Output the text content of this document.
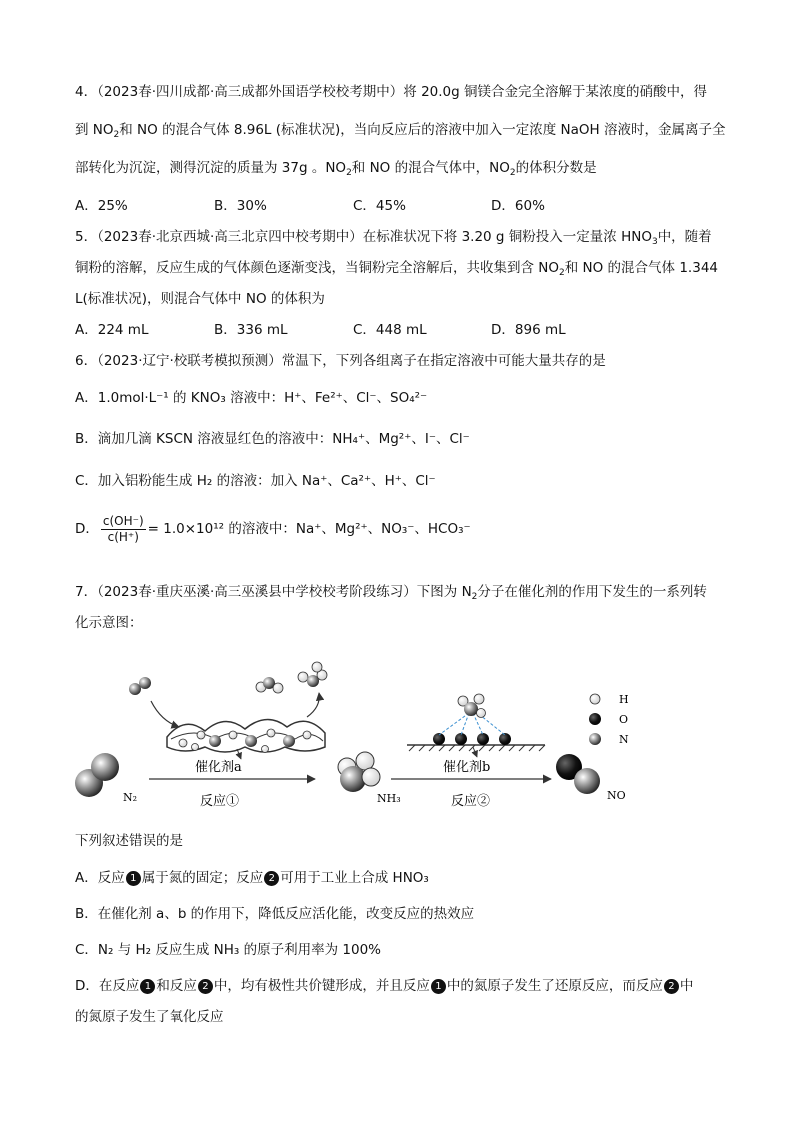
4．（2023春·四川成都·高三成都外国语学校校考期中）将 20.0g 铜镁合金完全溶解于某浓度的硝酸中，得
到 $NO_2$和 NO 的混合气体 8.96L (标准状况)，当向反应后的溶液中加入一定浓度 NaOH 溶液时，金属离子全
部转化为沉淀，测得沉淀的质量为 37g 。$NO_2$和 NO 的混合气体中，$NO_2$的体积分数是
A．25%	B．30%	C．45%	D．60%
5．（2023春·北京西城·高三北京四中校考期中）在标准状况下将 3.20 g 铜粉投入一定量浓 $HNO_3$中，随着
铜粉的溶解，反应生成的气体颜色逐渐变浅，当铜粉完全溶解后，共收集到含 $NO_2$和 NO 的混合气体 1.344
L(标准状况)，则混合气体中 NO 的体积为
A．224 mL	B．336 mL	C．448 mL	D．896 mL
6．（2023·辽宁·校联考模拟预测）常温下，下列各组离子在指定溶液中可能大量共存的是
A．1.0mol·L⁻¹ 的 KNO₃ 溶液中：H⁺、Fe²⁺、Cl⁻、SO₄²⁻
B．滴加几滴 KSCN 溶液显红色的溶液中：NH₄⁺、Mg²⁺、I⁻、Cl⁻
C．加入铝粉能生成 H₂ 的溶液：加入 Na⁺、Ca²⁺、H⁺、Cl⁻
D． $\frac{c(OH^-)}{c(H^+)} = 1.0\times 10^{12}$ 的溶液中：Na⁺、Mg²⁺、NO₃⁻、HCO₃⁻
7．（2023春·重庆巫溪·高三巫溪县中学校校考阶段练习）下图为 $N_2$分子在催化剂的作用下发生的一系列转
化示意图：
N₂
催化剂a
反应①	NH₃
催化剂b
反应②	NO
H
O
N
下列叙述错误的是
A．反应 1 属于氮的固定；反应 2 可用于工业上合成 HNO₃
B．在催化剂 a、b 的作用下，降低反应活化能，改变反应的热效应
C．N₂ 与 H₂ 反应生成 NH₃ 的原子利用率为 100%
D．在反应 1 和反应 2 中，均有极性共价键形成，并且反应 1 中的氮原子发生了还原反应，而反应 2 中
的氮原子发生了氧化反应
